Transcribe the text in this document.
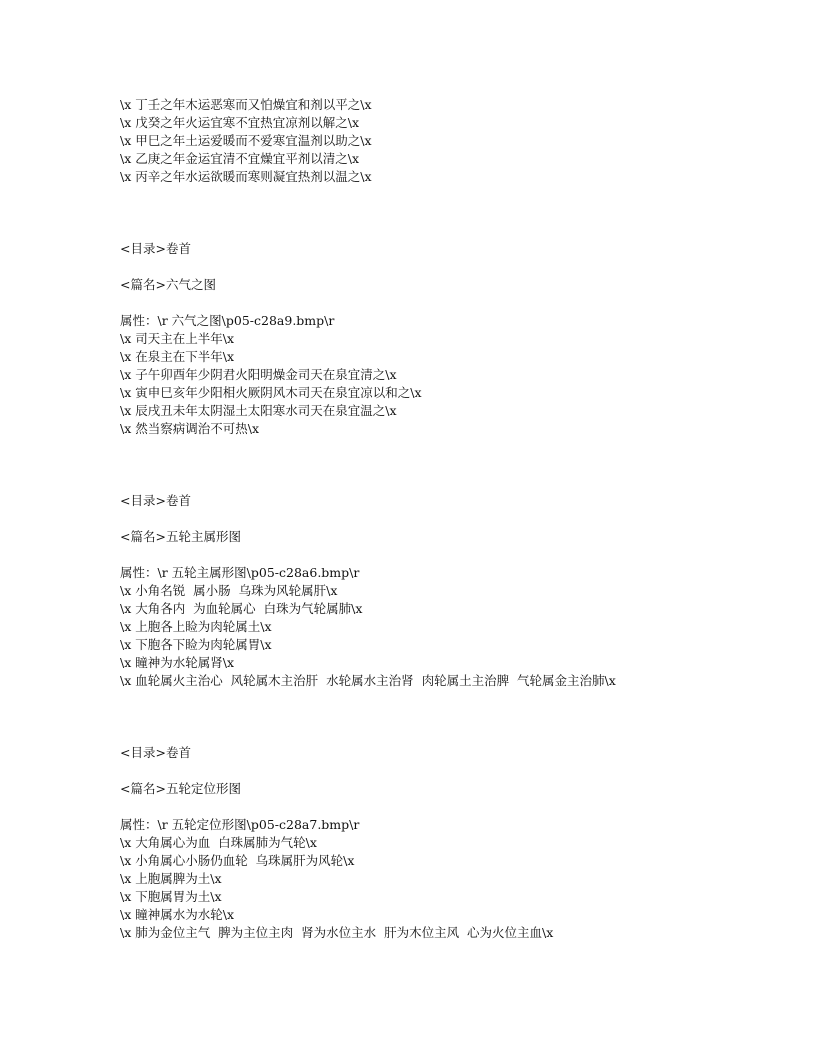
\x 丁壬之年木运恶寒而又怕燥宜和剂以平之\x
\x 戊癸之年火运宜寒不宜热宜凉剂以解之\x
\x 甲巳之年土运爱暖而不爱寒宜温剂以助之\x
\x 乙庚之年金运宜清不宜燥宜平剂以清之\x
\x 丙辛之年水运欲暖而寒则凝宜热剂以温之\x
<目录>卷首
<篇名>六气之图
属性：\r 六气之图\p05-c28a9.bmp\r
\x 司天主在上半年\x
\x 在泉主在下半年\x
\x 子午卯酉年少阴君火阳明燥金司天在泉宜清之\x
\x 寅申巳亥年少阳相火厥阴风木司天在泉宜凉以和之\x
\x 辰戌丑未年太阴湿土太阳寒水司天在泉宜温之\x
\x 然当察病调治不可热\x
<目录>卷首
<篇名>五轮主属形图
属性：\r 五轮主属形图\p05-c28a6.bmp\r
\x 小角名锐  属小肠  乌珠为风轮属肝\x
\x 大角各内  为血轮属心  白珠为气轮属肺\x
\x 上胞各上睑为肉轮属土\x
\x 下胞各下睑为肉轮属胃\x
\x 瞳神为水轮属肾\x
\x 血轮属火主治心  风轮属木主治肝  水轮属水主治肾  肉轮属土主治脾  气轮属金主治肺\x
<目录>卷首
<篇名>五轮定位形图
属性：\r 五轮定位形图\p05-c28a7.bmp\r
\x 大角属心为血  白珠属肺为气轮\x
\x 小角属心小肠仍血轮  乌珠属肝为风轮\x
\x 上胞属脾为土\x
\x 下胞属胃为土\x
\x 瞳神属水为水轮\x
\x 肺为金位主气  脾为主位主肉  肾为水位主水  肝为木位主风  心为火位主血\x
